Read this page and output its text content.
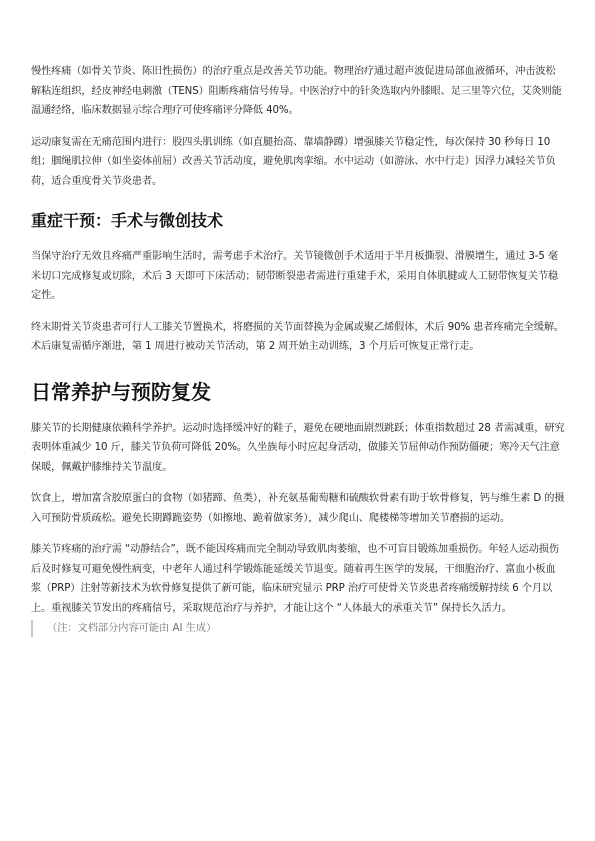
慢性疼痛（如骨关节炎、陈旧性损伤）的治疗重点是改善关节功能。物理治疗通过超声波促进局部血液循环，冲击波松解粘连组织，经皮神经电刺激（TENS）阻断疼痛信号传导。中医治疗中的针灸选取内外膝眼、足三里等穴位，艾灸则能温通经络，临床数据显示综合理疗可使疼痛评分降低 40%。

运动康复需在无痛范围内进行：股四头肌训练（如直腿抬高、靠墙静蹲）增强膝关节稳定性，每次保持 30 秒每日 10 组；腘绳肌拉伸（如坐姿体前屈）改善关节活动度，避免肌肉挛缩。水中运动（如游泳、水中行走）因浮力减轻关节负荷，适合重度骨关节炎患者。

重症干预：手术与微创技术

当保守治疗无效且疼痛严重影响生活时，需考虑手术治疗。关节镜微创手术适用于半月板撕裂、滑膜增生，通过 3-5 毫米切口完成修复或切除，术后 3 天即可下床活动；韧带断裂患者需进行重建手术，采用自体肌腱或人工韧带恢复关节稳定性。

终末期骨关节炎患者可行人工膝关节置换术，将磨损的关节面替换为金属或聚乙烯假体，术后 90% 患者疼痛完全缓解。术后康复需循序渐进，第 1 周进行被动关节活动，第 2 周开始主动训练，3 个月后可恢复正常行走。

日常养护与预防复发

膝关节的长期健康依赖科学养护。运动时选择缓冲好的鞋子，避免在硬地面剧烈跳跃；体重指数超过 28 者需减重，研究表明体重减少 10 斤，膝关节负荷可降低 20%。久坐族每小时应起身活动，做膝关节屈伸动作预防僵硬；寒冷天气注意保暖，佩戴护膝维持关节温度。

饮食上，增加富含胶原蛋白的食物（如猪蹄、鱼类），补充氨基葡萄糖和硫酸软骨素有助于软骨修复，钙与维生素 D 的摄入可预防骨质疏松。避免长期蹲跪姿势（如擦地、跪着做家务），减少爬山、爬楼梯等增加关节磨损的运动。

膝关节疼痛的治疗需 “动静结合”，既不能因疼痛而完全制动导致肌肉萎缩，也不可盲目锻炼加重损伤。年轻人运动损伤后及时修复可避免慢性病变，中老年人通过科学锻炼能延缓关节退变。随着再生医学的发展，干细胞治疗、富血小板血浆（PRP）注射等新技术为软骨修复提供了新可能，临床研究显示 PRP 治疗可使骨关节炎患者疼痛缓解持续 6 个月以上。重视膝关节发出的疼痛信号，采取规范治疗与养护，才能让这个 “人体最大的承重关节” 保持长久活力。

（注：文档部分内容可能由 AI 生成）
